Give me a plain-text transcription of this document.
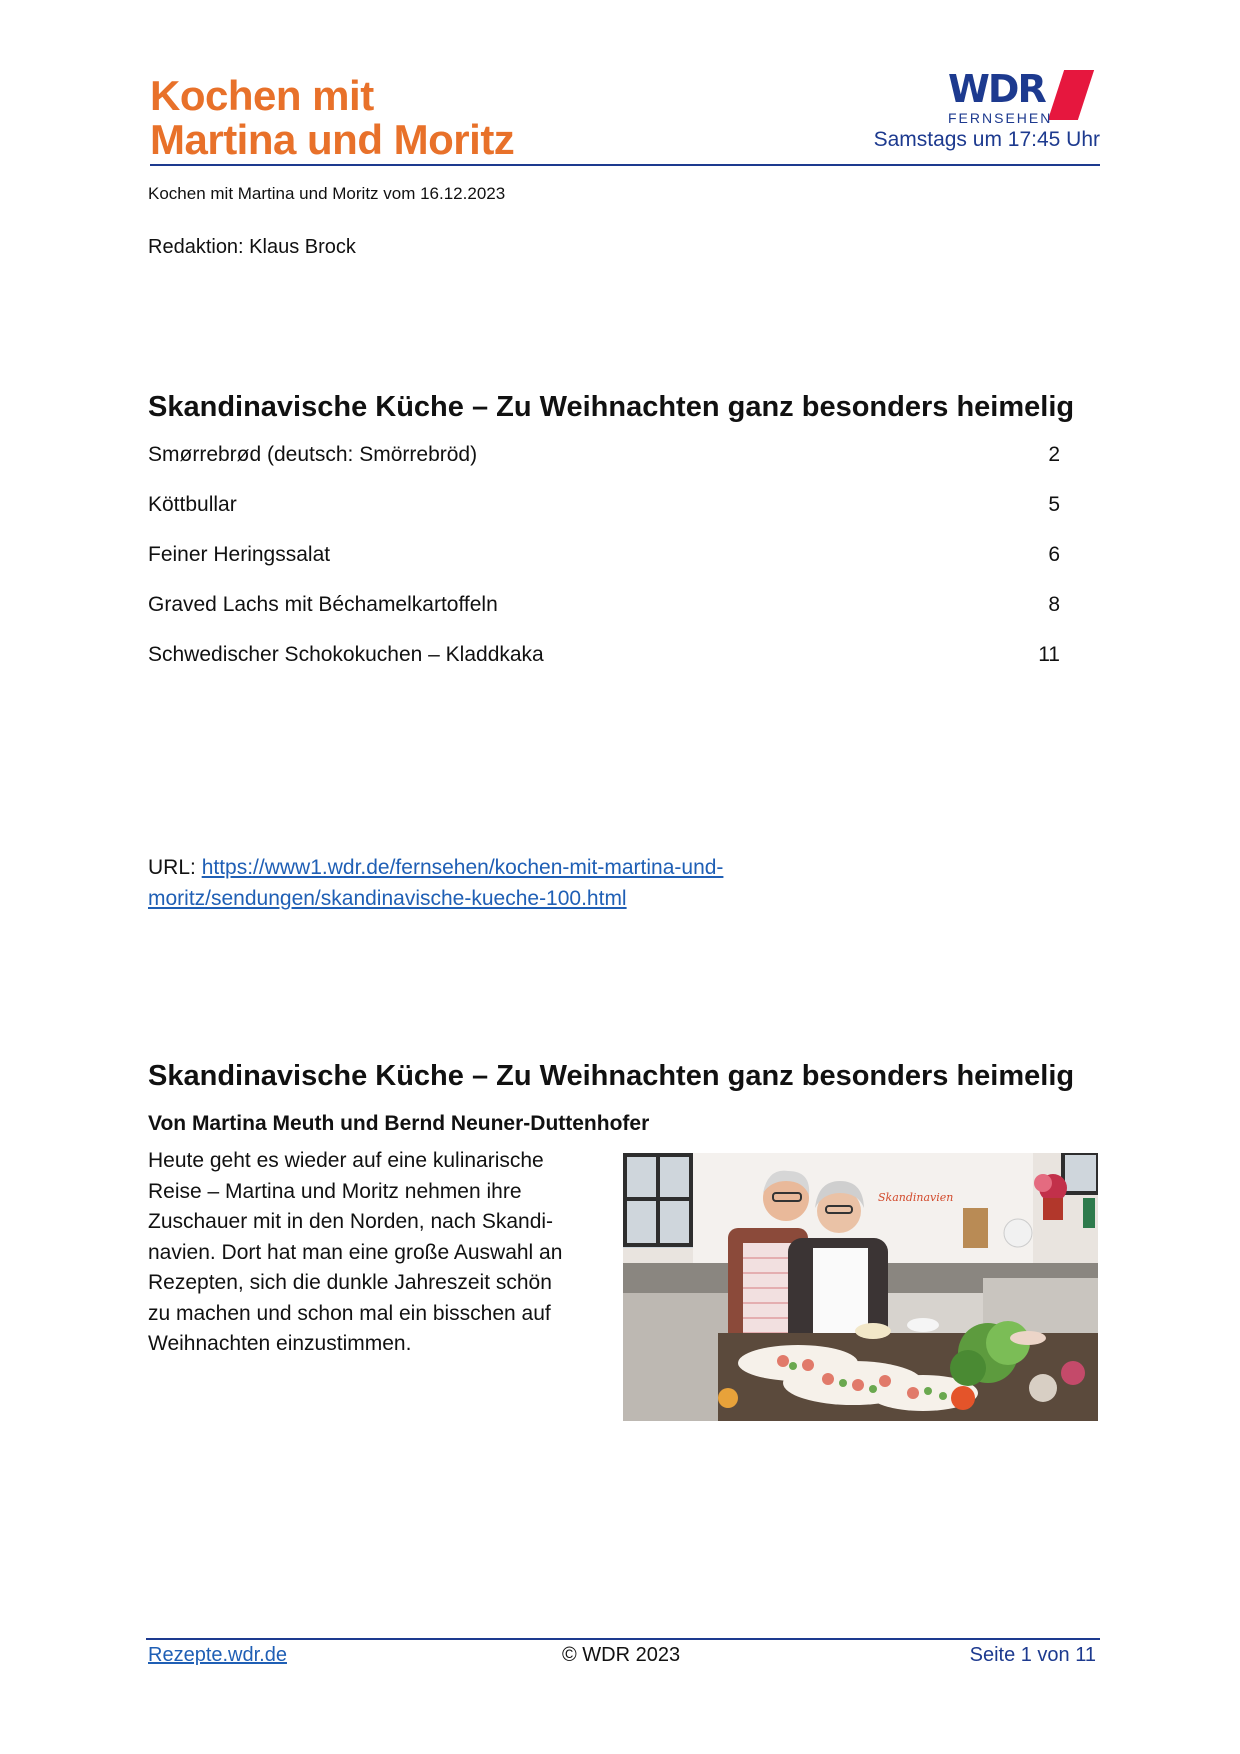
Kochen mit
Martina und Moritz
WDR
FERNSEHEN
Samstags um 17:45 Uhr
Kochen mit Martina und Moritz vom 16.12.2023
Redaktion: Klaus Brock
Skandinavische Küche – Zu Weihnachten ganz besonders heimelig
Smørrebrød (deutsch: Smörrebröd)	2
Köttbullar	5
Feiner Heringssalat	6
Graved Lachs mit Béchamelkartoffeln	8
Schwedischer Schokokuchen – Kladdkaka	11
URL: https://www1.wdr.de/fernsehen/kochen-mit-martina-und-
moritz/sendungen/skandinavische-kueche-100.html
Skandinavische Küche – Zu Weihnachten ganz besonders heimelig
Von Martina Meuth und Bernd Neuner-Duttenhofer
Heute geht es wieder auf eine kulinarische
Reise – Martina und Moritz nehmen ihre
Zuschauer mit in den Norden, nach Skandi-
navien. Dort hat man eine große Auswahl an
Rezepten, sich die dunkle Jahreszeit schön
zu machen und schon mal ein bisschen auf
Weihnachten einzustimmen.
Skandinavien
Rezepte.wdr.de	© WDR 2023	Seite 1 von 11
